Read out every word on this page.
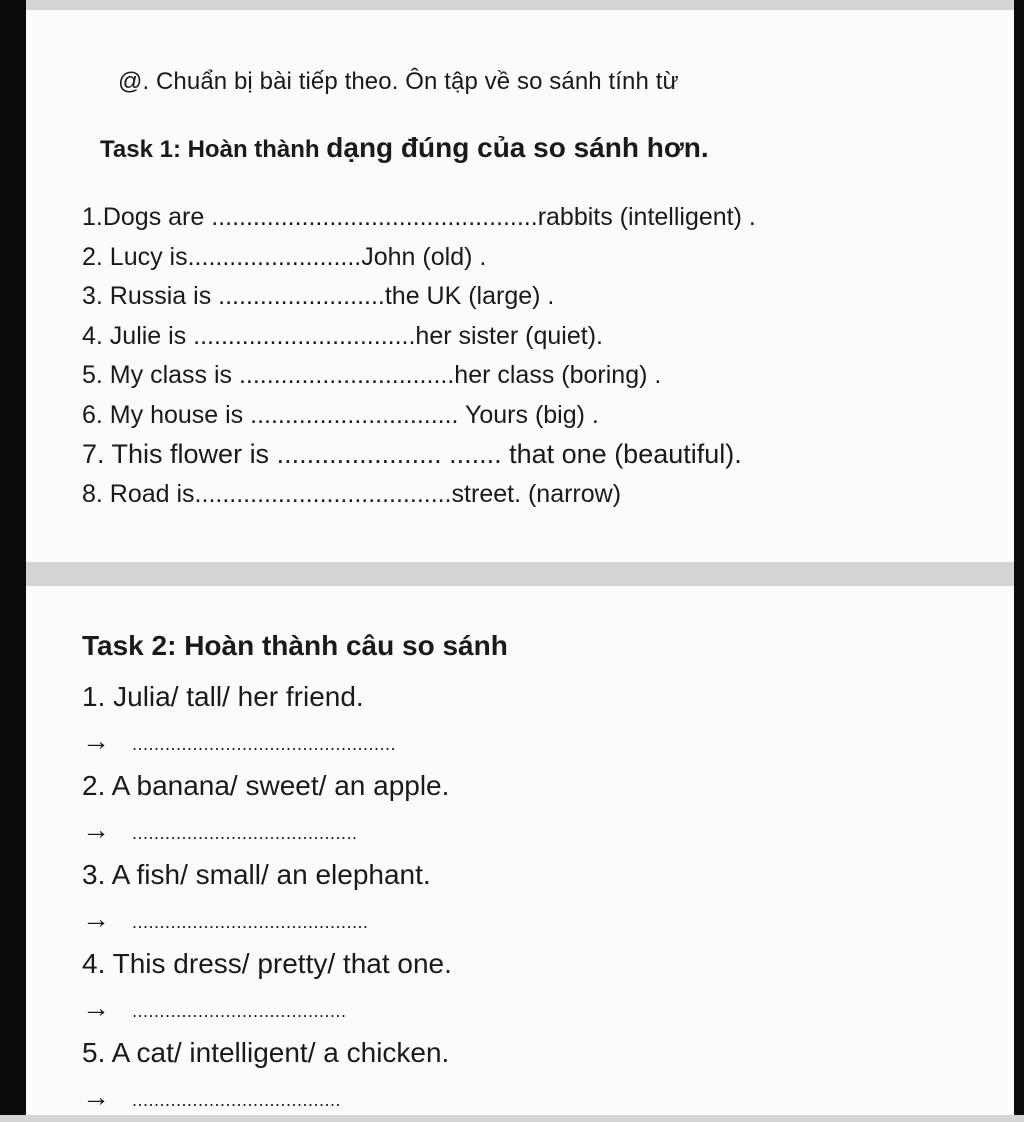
@. Chuẩn bị bài tiếp theo. Ôn tập về so sánh tính từ
Task 1: Hoàn thành dạng đúng của so sánh hơn.
1.Dogs are ...............................................rabbits (intelligent) .
2. Lucy is.........................John (old) .
3. Russia is ........................the UK (large) .
4. Julie is ................................her sister (quiet).
5. My class is ...............................her class (boring) .
6. My house is .............................. Yours (big) .
7. This flower is ...................... ....... that one (beautiful).
8. Road is.....................................street. (narrow)
Task 2: Hoàn thành câu so sánh
1. Julia/ tall/ her friend.
→ ................................................
2. A banana/ sweet/ an apple.
→ .........................................
3. A fish/ small/ an elephant.
→ ...........................................
4. This dress/ pretty/ that one.
→ .......................................
5. A cat/ intelligent/ a chicken.
→ ......................................
